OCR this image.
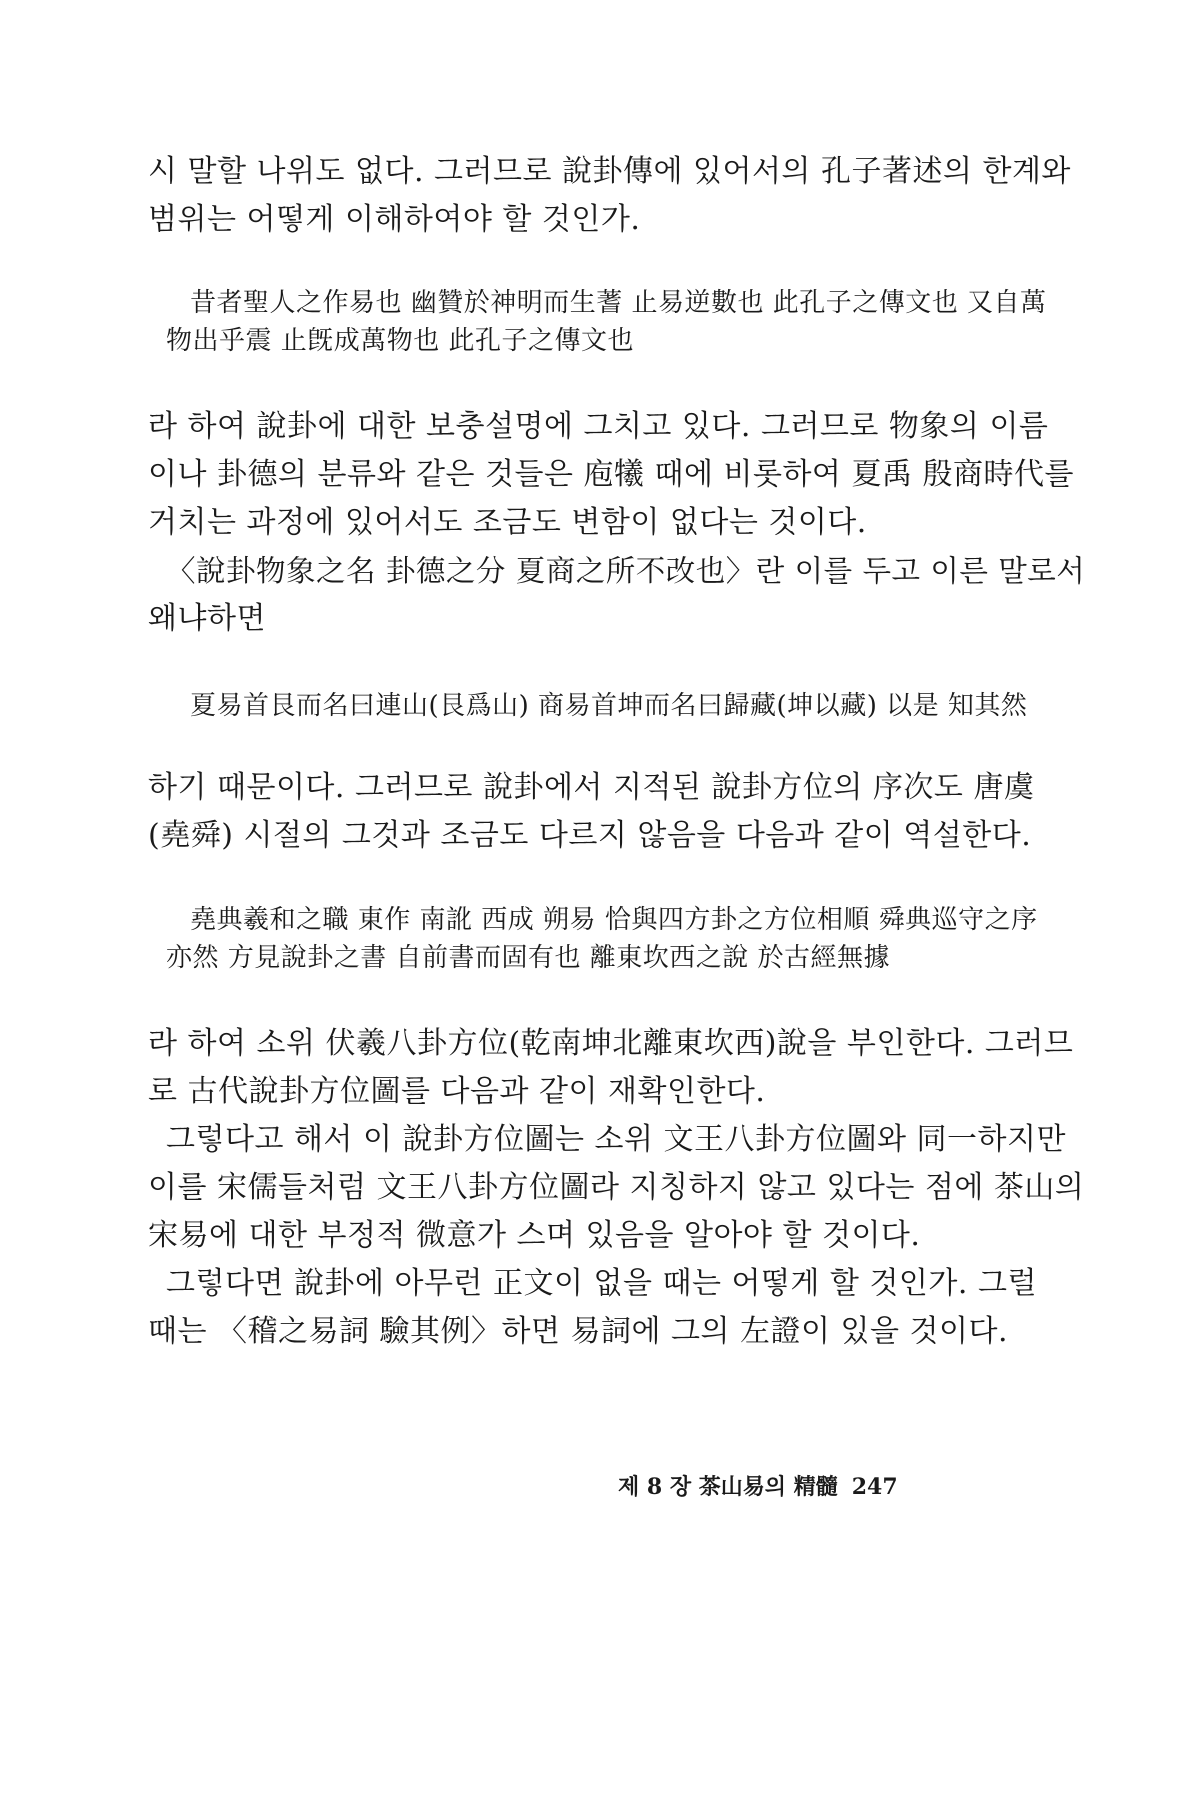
시 말할 나위도 없다. 그러므로 說卦傳에 있어서의 孔子著述의 한계와
범위는 어떻게 이해하여야 할 것인가.
昔者聖人之作易也 幽贊於神明而生蓍 止易逆數也 此孔子之傳文也 又自萬
物出乎震 止旣成萬物也 此孔子之傳文也
라 하여 說卦에 대한 보충설명에 그치고 있다. 그러므로 物象의 이름
이나 卦德의 분류와 같은 것들은 庖犧 때에 비롯하여 夏禹 殷商時代를
거치는 과정에 있어서도 조금도 변함이 없다는 것이다.
〈說卦物象之名 卦德之分 夏商之所不改也〉란 이를 두고 이른 말로서
왜냐하면
夏易首艮而名曰連山(艮爲山) 商易首坤而名曰歸藏(坤以藏) 以是 知其然
하기 때문이다. 그러므로 說卦에서 지적된 說卦方位의 序次도 唐虞
(堯舜) 시절의 그것과 조금도 다르지 않음을 다음과 같이 역설한다.
堯典羲和之職 東作 南訛 西成 朔易 恰與四方卦之方位相順 舜典巡守之序
亦然 方見說卦之書 自前書而固有也 離東坎西之說 於古經無據
라 하여 소위 伏羲八卦方位(乾南坤北離東坎西)說을 부인한다. 그러므
로 古代說卦方位圖를 다음과 같이 재확인한다.
그렇다고 해서 이 說卦方位圖는 소위 文王八卦方位圖와 同一하지만
이를 宋儒들처럼 文王八卦方位圖라 지칭하지 않고 있다는 점에 茶山의
宋易에 대한 부정적 微意가 스며 있음을 알아야 할 것이다.
그렇다면 說卦에 아무런 正文이 없을 때는 어떻게 할 것인가. 그럴
때는 〈稽之易詞 驗其例〉하면 易詞에 그의 左證이 있을 것이다.
제 8 장 茶山易의 精髓 247
